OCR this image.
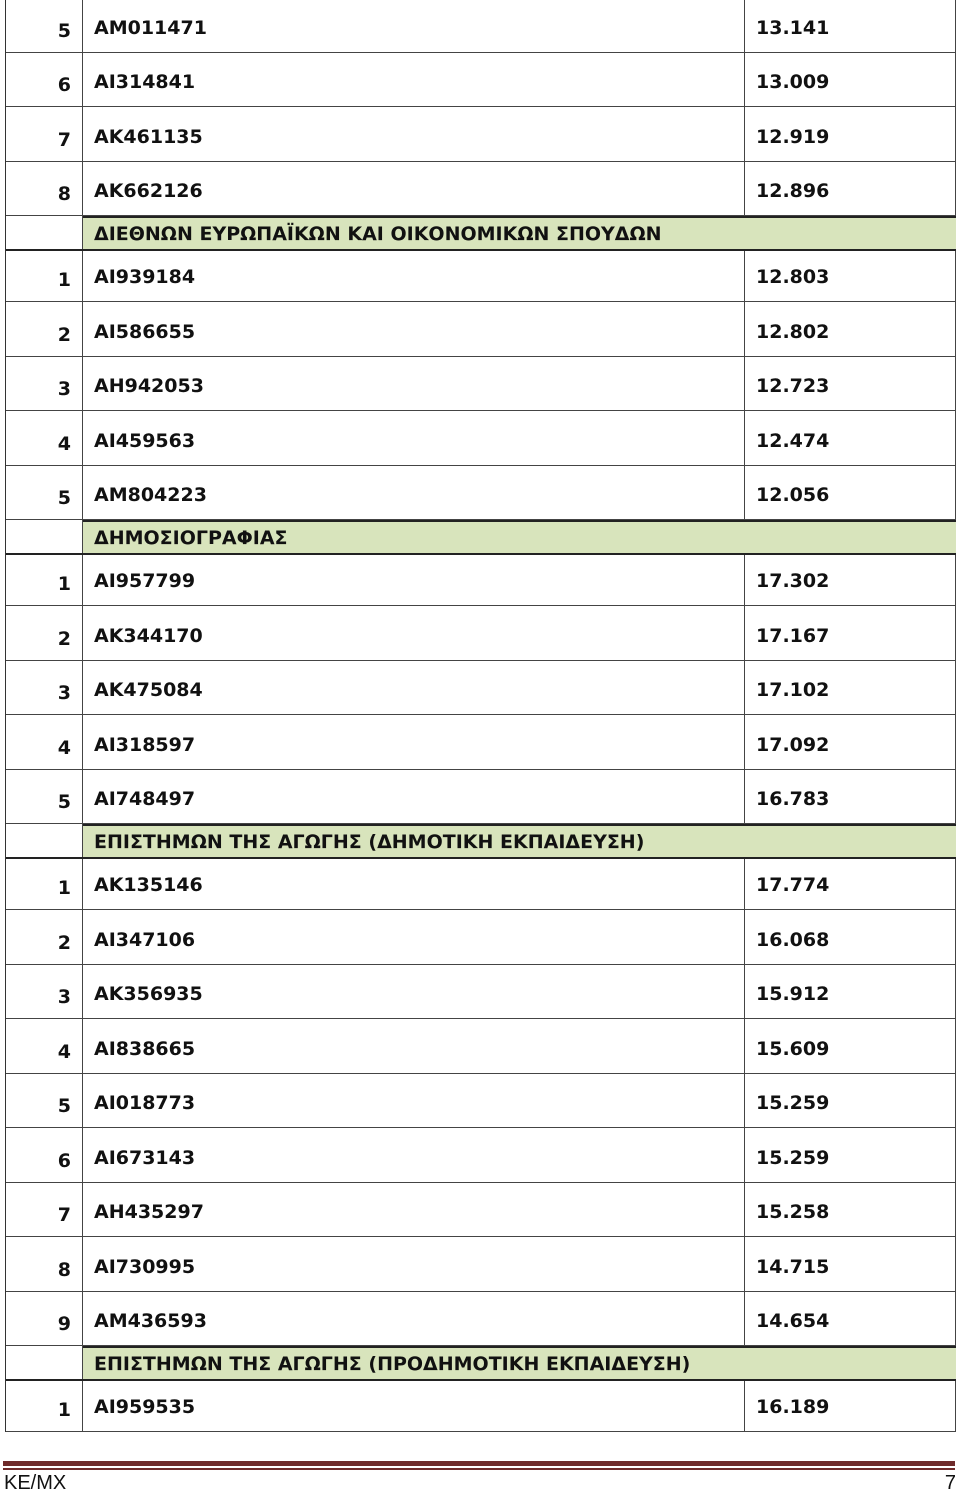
5	AM011471	13.141
6	AI314841	13.009
7	AK461135	12.919
8	AK662126	12.896
ΔΙΕΘΝΩΝ ΕΥΡΩΠΑΪΚΩΝ ΚΑΙ ΟΙΚΟΝΟΜΙΚΩΝ ΣΠΟΥΔΩΝ
1	AI939184	12.803
2	AI586655	12.802
3	AH942053	12.723
4	AI459563	12.474
5	AM804223	12.056
ΔΗΜΟΣΙΟΓΡΑΦΙΑΣ
1	AI957799	17.302
2	AK344170	17.167
3	AK475084	17.102
4	AI318597	17.092
5	AI748497	16.783
ΕΠΙΣΤΗΜΩΝ ΤΗΣ ΑΓΩΓΗΣ (ΔΗΜΟΤΙΚΗ ΕΚΠΑΙΔΕΥΣΗ)
1	AK135146	17.774
2	AI347106	16.068
3	AK356935	15.912
4	AI838665	15.609
5	AI018773	15.259
6	AI673143	15.259
7	AH435297	15.258
8	AI730995	14.715
9	AM436593	14.654
ΕΠΙΣΤΗΜΩΝ ΤΗΣ ΑΓΩΓΗΣ (ΠΡΟΔΗΜΟΤΙΚΗ ΕΚΠΑΙΔΕΥΣΗ)
1	AI959535	16.189
ΚΕ/ΜΧ	7
